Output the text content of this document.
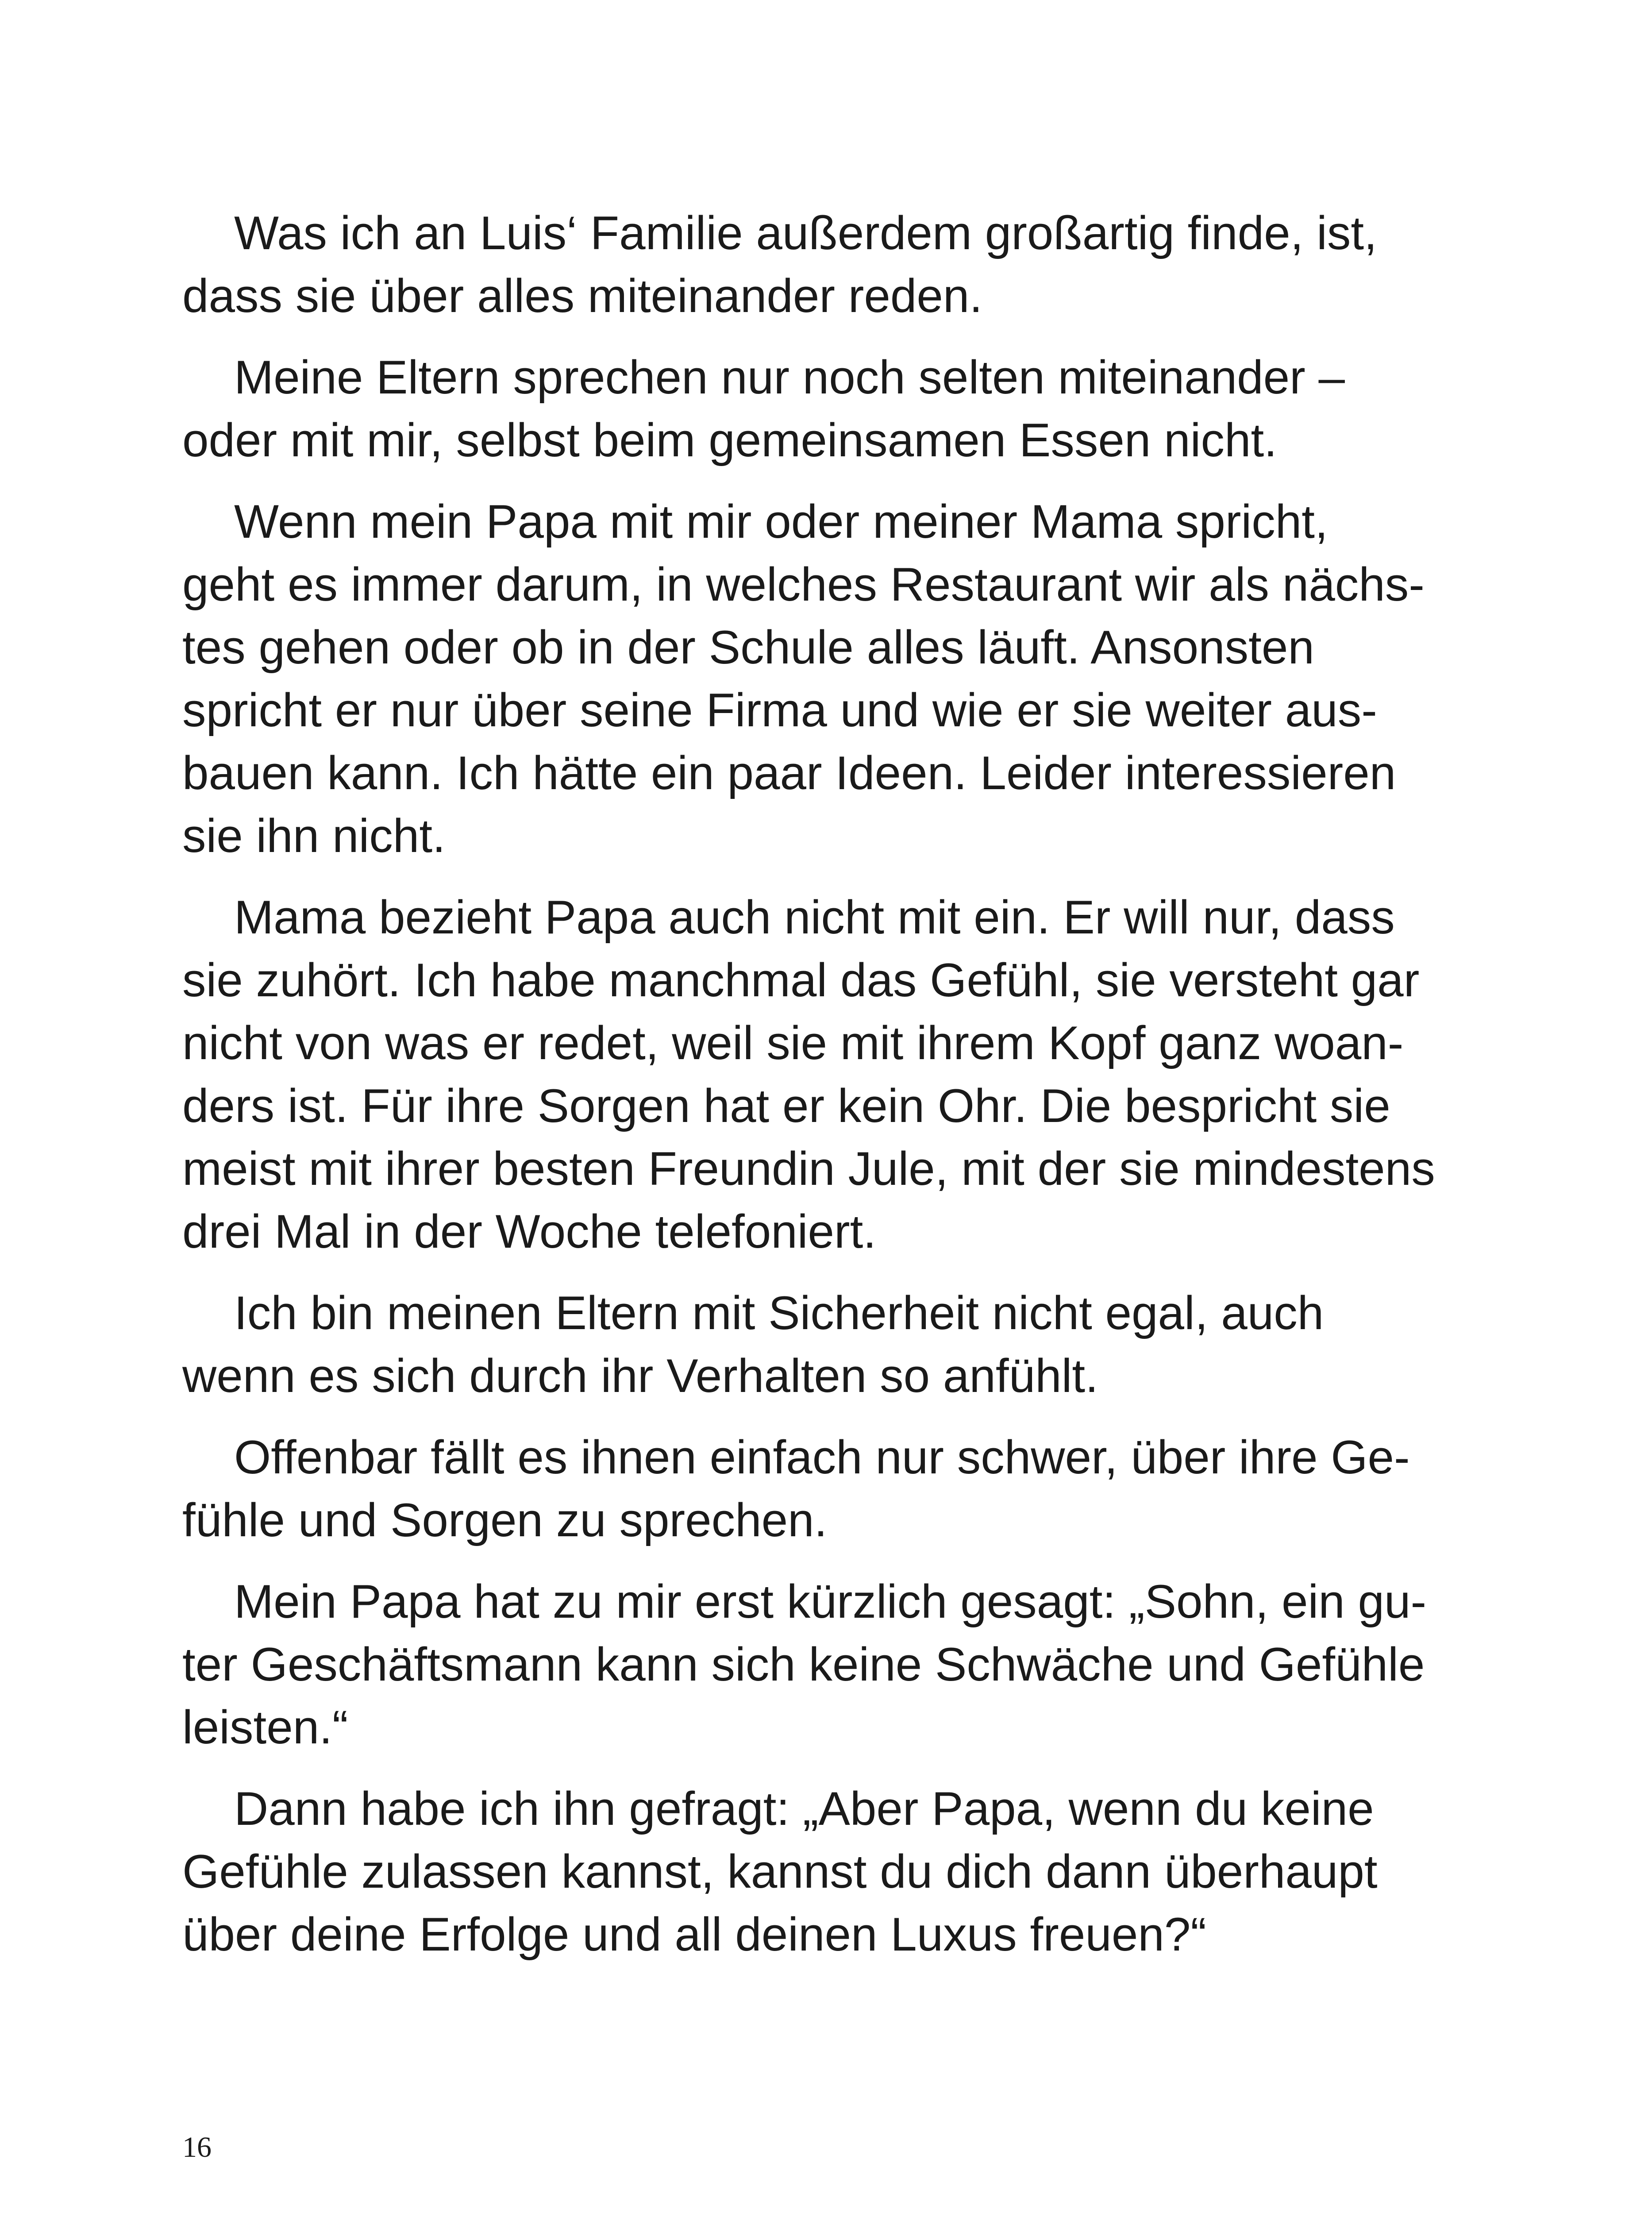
Was ich an Luis‘ Familie außerdem großartig finde, ist,
dass sie über alles miteinander reden.

Meine Eltern sprechen nur noch selten miteinander –
oder mit mir, selbst beim gemeinsamen Essen nicht.

Wenn mein Papa mit mir oder meiner Mama spricht,
geht es immer darum, in welches Restaurant wir als nächs-
tes gehen oder ob in der Schule alles läuft. Ansonsten
spricht er nur über seine Firma und wie er sie weiter aus-
bauen kann. Ich hätte ein paar Ideen. Leider interessieren
sie ihn nicht.

Mama bezieht Papa auch nicht mit ein. Er will nur, dass
sie zuhört. Ich habe manchmal das Gefühl, sie versteht gar
nicht von was er redet, weil sie mit ihrem Kopf ganz woan-
ders ist. Für ihre Sorgen hat er kein Ohr. Die bespricht sie
meist mit ihrer besten Freundin Jule, mit der sie mindestens
drei Mal in der Woche telefoniert.

Ich bin meinen Eltern mit Sicherheit nicht egal, auch
wenn es sich durch ihr Verhalten so anfühlt.

Offenbar fällt es ihnen einfach nur schwer, über ihre Ge-
fühle und Sorgen zu sprechen.

Mein Papa hat zu mir erst kürzlich gesagt: „Sohn, ein gu-
ter Geschäftsmann kann sich keine Schwäche und Gefühle
leisten.“

Dann habe ich ihn gefragt: „Aber Papa, wenn du keine
Gefühle zulassen kannst, kannst du dich dann überhaupt
über deine Erfolge und all deinen Luxus freuen?“

16
